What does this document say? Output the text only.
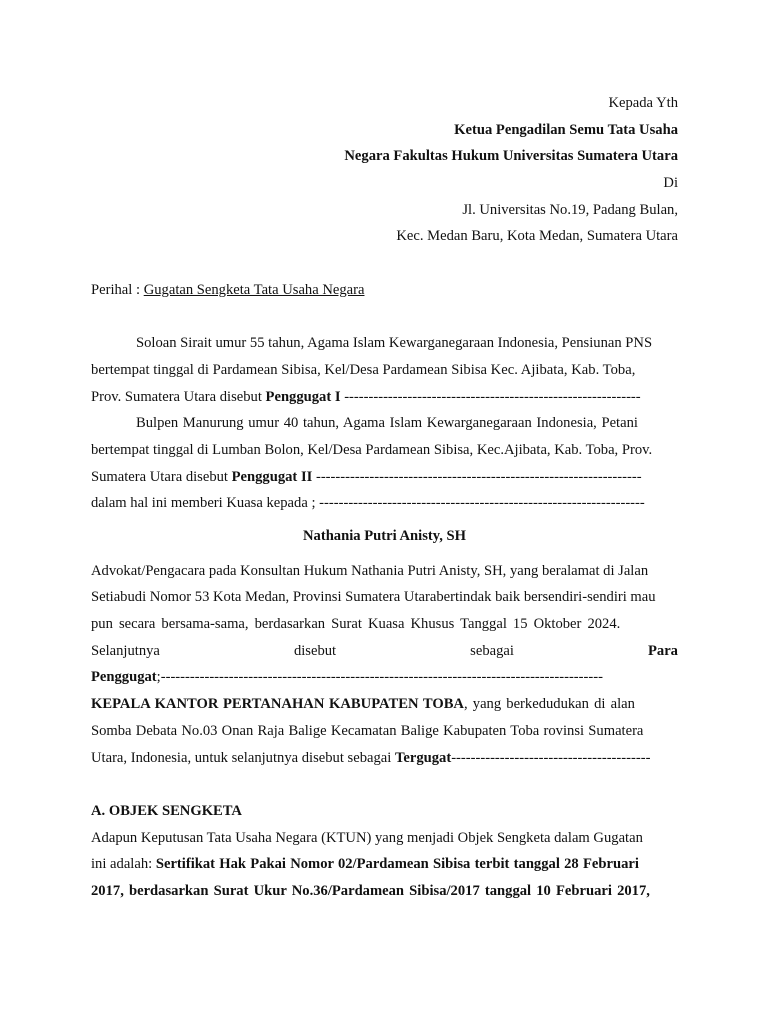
Kepada Yth
Ketua Pengadilan Semu Tata Usaha
Negara Fakultas Hukum Universitas Sumatera Utara
Di
Jl. Universitas No.19, Padang Bulan,
Kec. Medan Baru, Kota Medan, Sumatera Utara
Perihal : Gugatan Sengketa Tata Usaha Negara
Soloan Sirait umur 55 tahun, Agama Islam Kewarganegaraan Indonesia, Pensiunan PNS
bertempat tinggal di Pardamean Sibisa, Kel/Desa Pardamean Sibisa Kec. Ajibata, Kab. Toba,
Prov. Sumatera Utara disebut Penggugat I -------------------------------------------------------------
Bulpen Manurung umur 40 tahun, Agama Islam Kewarganegaraan Indonesia, Petani
bertempat tinggal di Lumban Bolon, Kel/Desa Pardamean Sibisa, Kec.Ajibata, Kab. Toba, Prov.
Sumatera Utara disebut Penggugat II -------------------------------------------------------------------
dalam hal ini memberi Kuasa kepada ; -------------------------------------------------------------------
Nathania Putri Anisty, SH
Advokat/Pengacara pada Konsultan Hukum Nathania Putri Anisty, SH, yang beralamat di Jalan
Setiabudi Nomor 53 Kota Medan, Provinsi Sumatera Utarabertindak baik bersendiri-sendiri mau
pun secara bersama-sama, berdasarkan Surat Kuasa Khusus Tanggal 15 Oktober 2024.
Selanjutnya	disebut	sebagai	Para
Penggugat;-------------------------------------------------------------------------------------------
KEPALA KANTOR PERTANAHAN KABUPATEN TOBA, yang berkedudukan di alan
Somba Debata No.03 Onan Raja Balige Kecamatan Balige Kabupaten Toba rovinsi Sumatera
Utara, Indonesia, untuk selanjutnya disebut sebagai Tergugat-----------------------------------------
A. OBJEK SENGKETA
Adapun Keputusan Tata Usaha Negara (KTUN) yang menjadi Objek Sengketa dalam Gugatan
ini adalah: Sertifikat Hak Pakai Nomor 02/Pardamean Sibisa terbit tanggal 28 Februari
2017, berdasarkan Surat Ukur No.36/Pardamean Sibisa/2017 tanggal 10 Februari 2017,
